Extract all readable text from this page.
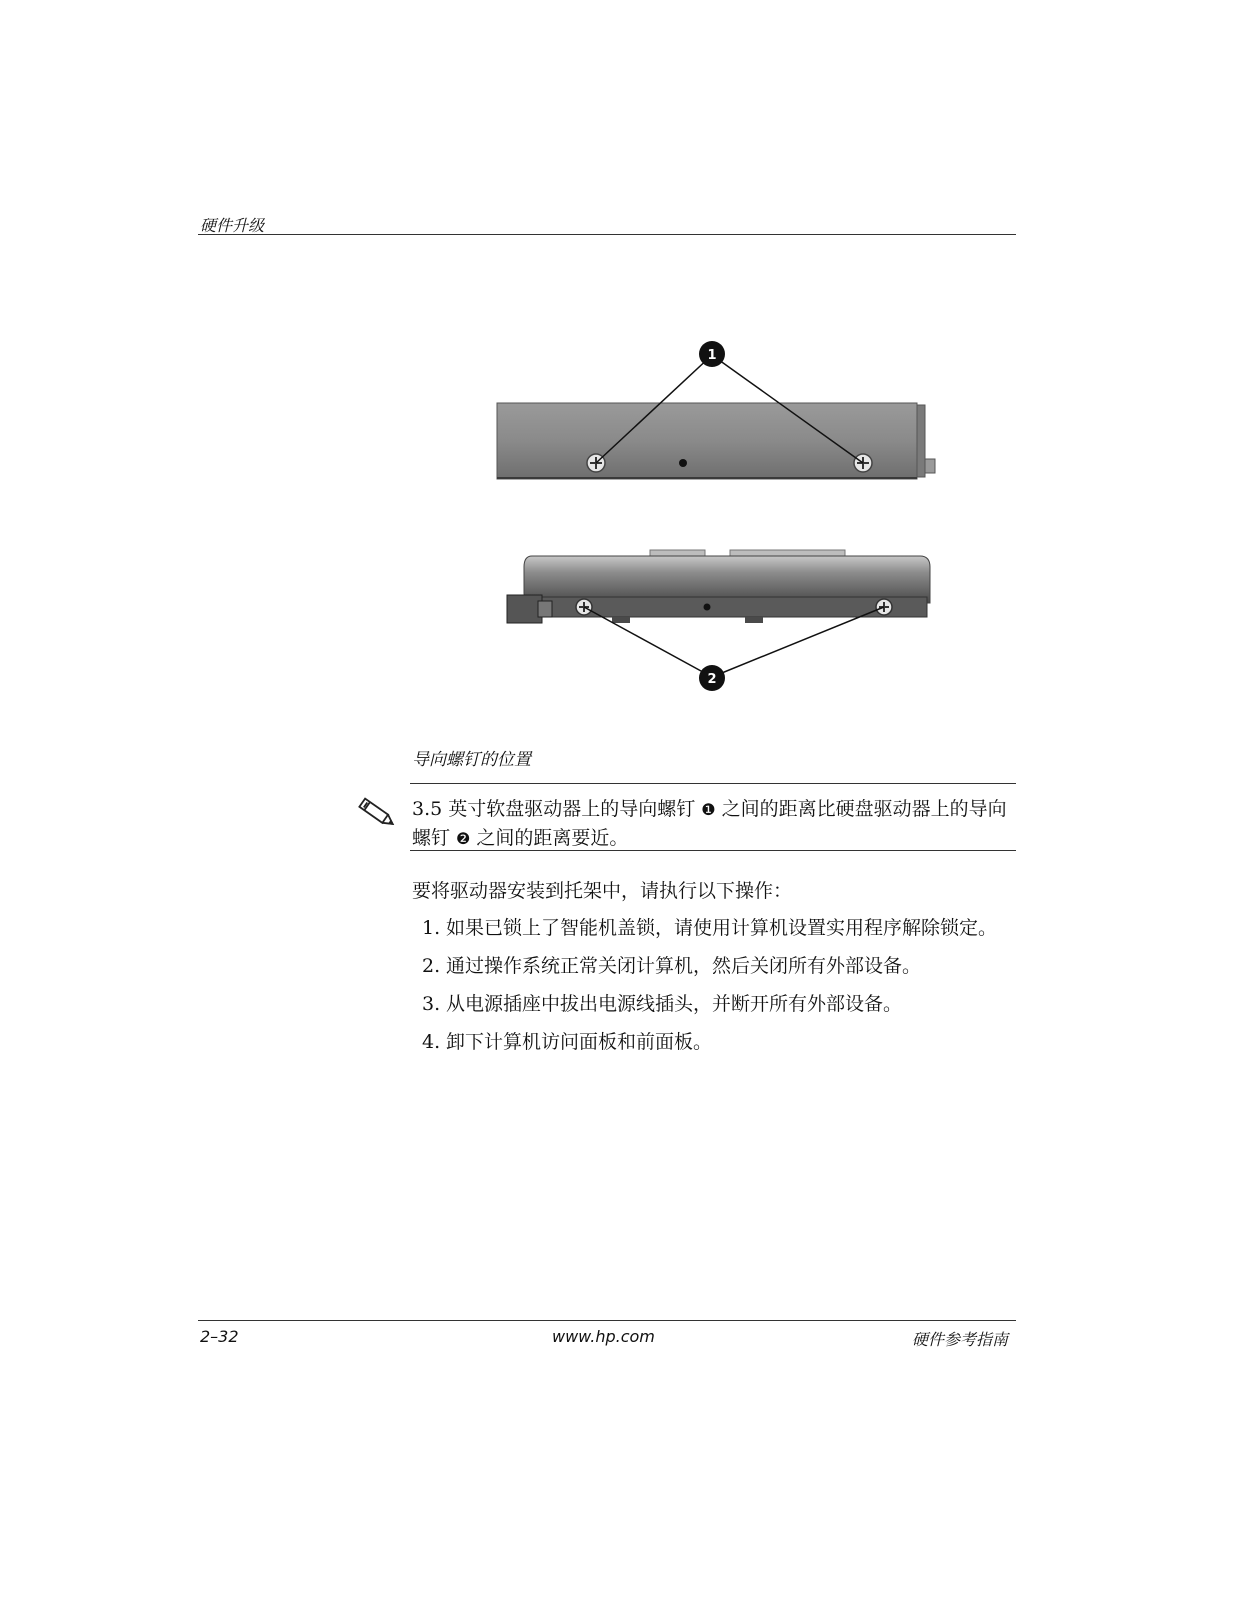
硬件升级
1
2
导向螺钉的位置
3.5 英寸软盘驱动器上的导向螺钉 ❶ 之间的距离比硬盘驱动器上的导向螺钉 ❷ 之间的距离要近。
要将驱动器安装到托架中，请执行以下操作：
1. 如果已锁上了智能机盖锁，请使用计算机设置实用程序解除锁定。
2. 通过操作系统正常关闭计算机，然后关闭所有外部设备。
3. 从电源插座中拔出电源线插头，并断开所有外部设备。
4. 卸下计算机访问面板和前面板。
2–32	www.hp.com	硬件参考指南
